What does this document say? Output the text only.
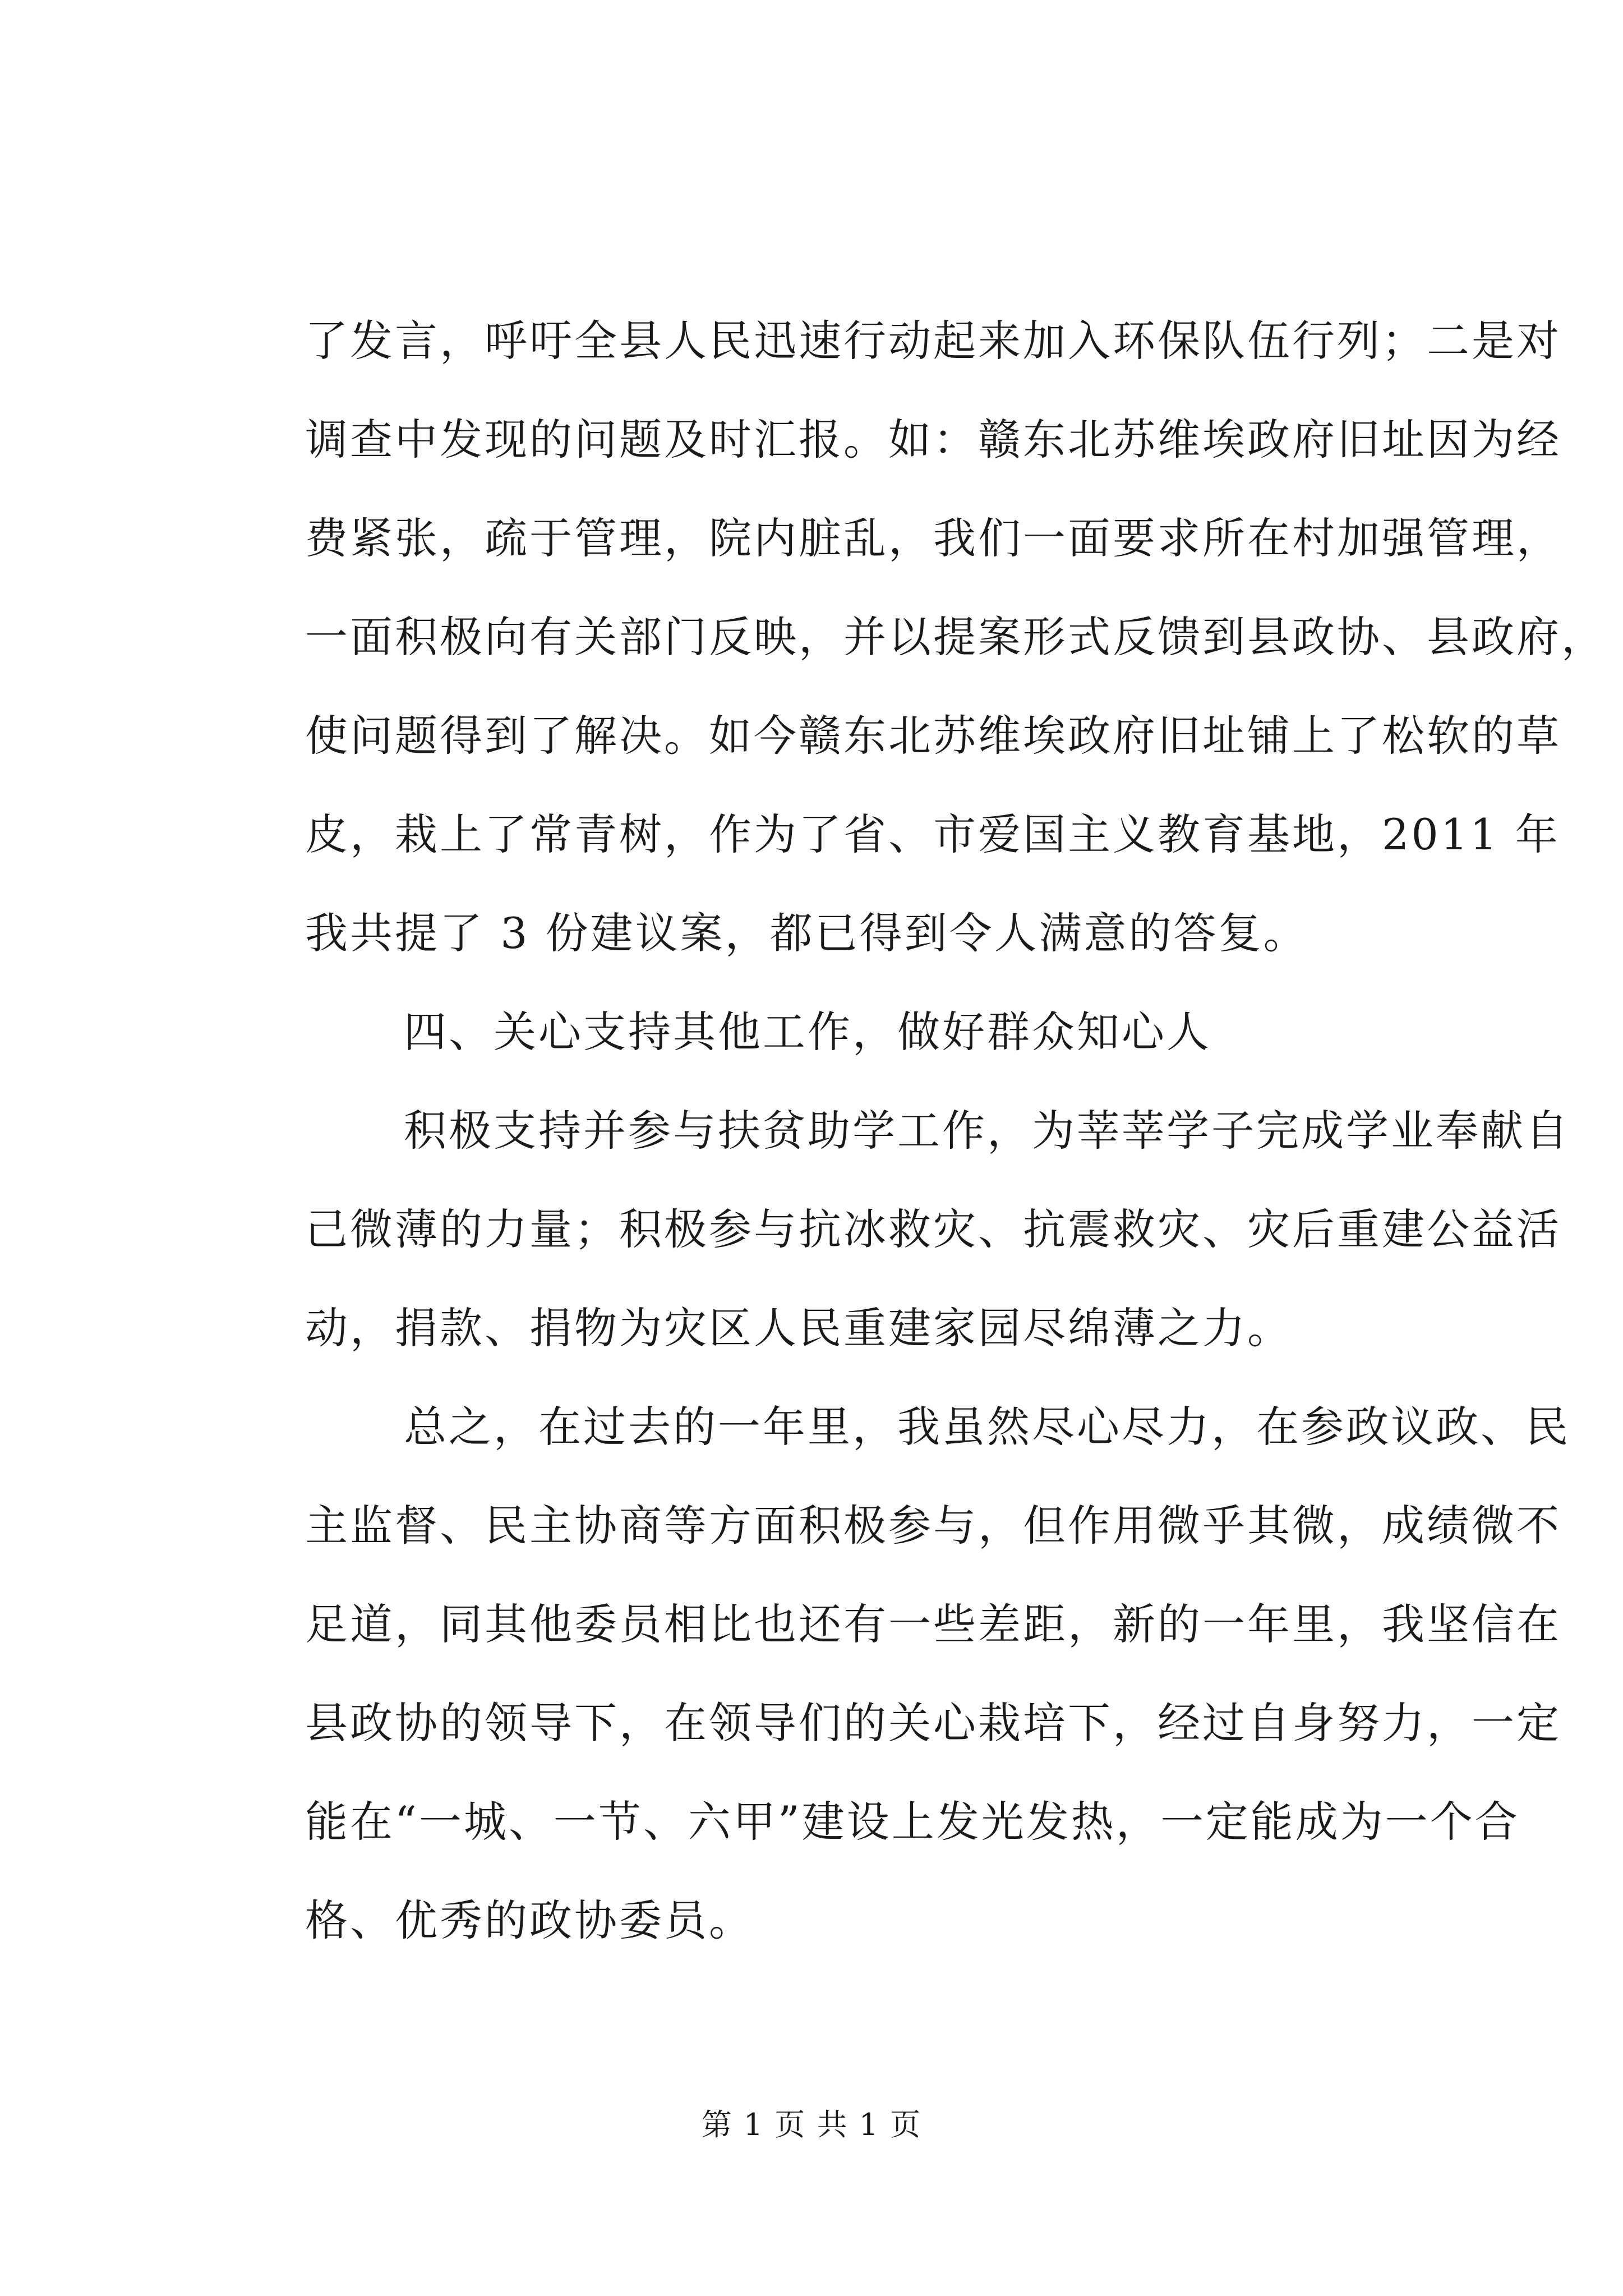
了发言，呼吁全县人民迅速行动起来加入环保队伍行列；二是对
调查中发现的问题及时汇报。如：赣东北苏维埃政府旧址因为经
费紧张，疏于管理，院内脏乱，我们一面要求所在村加强管理，
一面积极向有关部门反映，并以提案形式反馈到县政协、县政府，
使问题得到了解决。如今赣东北苏维埃政府旧址铺上了松软的草
皮，栽上了常青树，作为了省、市爱国主义教育基地，2011 年
我共提了 3 份建议案，都已得到令人满意的答复。
四、关心支持其他工作，做好群众知心人
积极支持并参与扶贫助学工作，为莘莘学子完成学业奉献自
己微薄的力量；积极参与抗冰救灾、抗震救灾、灾后重建公益活
动，捐款、捐物为灾区人民重建家园尽绵薄之力。
总之，在过去的一年里，我虽然尽心尽力，在参政议政、民
主监督、民主协商等方面积极参与，但作用微乎其微，成绩微不
足道，同其他委员相比也还有一些差距，新的一年里，我坚信在
县政协的领导下，在领导们的关心栽培下，经过自身努力，一定
能在“一城、一节、六甲”建设上发光发热，一定能成为一个合
格、优秀的政协委员。
第 1 页 共 1 页
